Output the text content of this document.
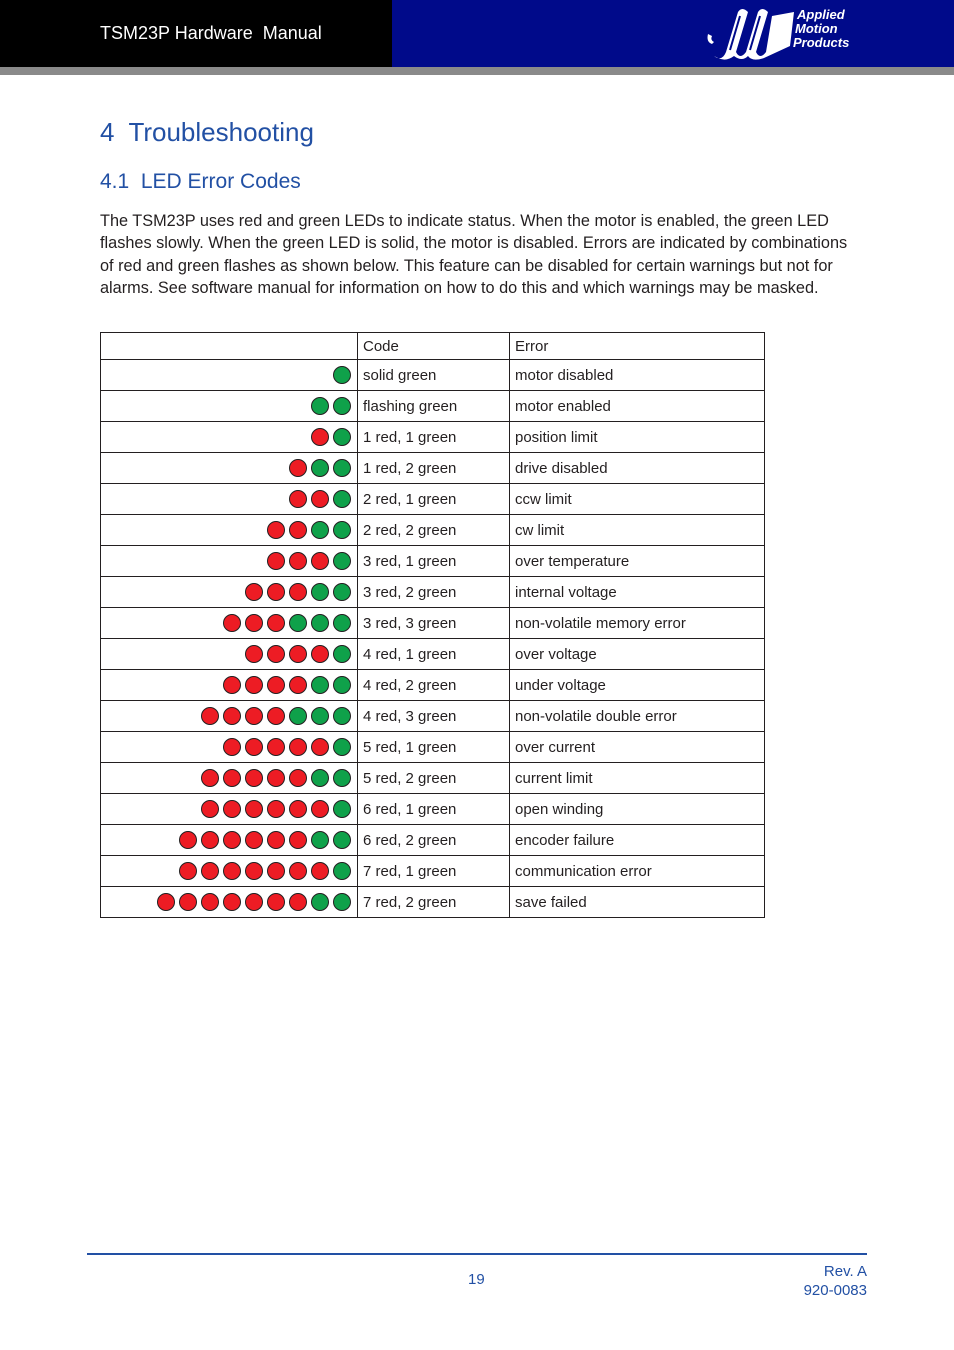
TSM23P Hardware  Manual
Applied
Motion
Products
4  Troubleshooting
4.1  LED Error Codes

The TSM23P uses red and green LEDs to indicate status. When the motor is enabled, the green LED flashes slowly. When the green LED is solid, the motor is disabled. Errors are indicated by combinations of red and green flashes as shown below. This feature can be disabled for certain warnings but not for alarms. See software manual for information on how to do this and which warnings may be masked.

	Code	Error
	solid green	motor disabled
	flashing green	motor enabled
	1 red, 1 green	position limit
	1 red, 2 green	drive disabled
	2 red, 1 green	ccw limit
	2 red, 2 green	cw limit
	3 red, 1 green	over temperature
	3 red, 2 green	internal voltage
	3 red, 3 green	non-volatile memory error
	4 red, 1 green	over voltage
	4 red, 2 green	under voltage
	4 red, 3 green	non-volatile double error
	5 red, 1 green	over current
	5 red, 2 green	current limit
	6 red, 1 green	open winding
	6 red, 2 green	encoder failure
	7 red, 1 green	communication error
	7 red, 2 green	save failed
19	Rev. A
920-0083
